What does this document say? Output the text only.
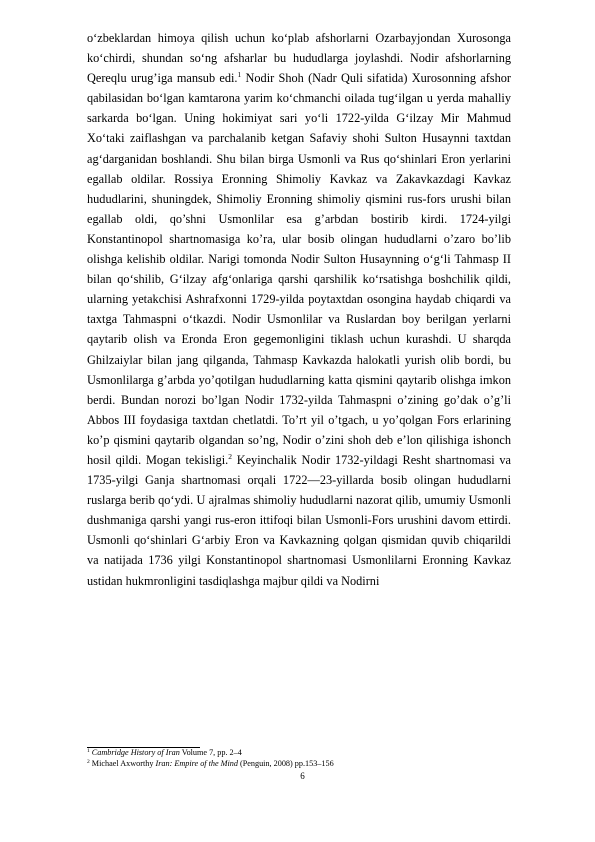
oʻzbeklardan himoya qilish uchun koʻplab afshorlarni Ozarbayjondan Xurosonga koʻchirdi, shundan soʻng afsharlar bu hududlarga joylashdi. Nodir afshorlarning Qereqlu urug’iga mansub edi.$^1$ Nodir Shoh (Nadr Quli sifatida) Xurosonning afshor qabilasidan boʻlgan kamtarona yarim koʻchmanchi oilada tugʻilgan u yerda mahalliy sarkarda boʻlgan. Uning hokimiyat sari yoʻli 1722-yilda Gʻilzay Mir Mahmud Xoʻtaki zaiflashgan va parchalanib ketgan Safaviy shohi Sulton Husaynni taxtdan agʻdarganidan boshlandi. Shu bilan birga Usmonli va Rus qoʻshinlari Eron yerlarini egallab oldilar. Rossiya Eronning Shimoliy Kavkaz va Zakavkazdagi Kavkaz hududlarini, shuningdek, Shimoliy Eronning shimoliy qismini rus-fors urushi bilan egallab oldi, qo’shni Usmonlilar esa g’arbdan bostirib kirdi. 1724-yilgi Konstantinopol shartnomasiga ko’ra, ular bosib olingan hududlarni o’zaro bo’lib olishga kelishib oldilar. Narigi tomonda Nodir Sulton Husaynning oʻgʻli Tahmasp II bilan qoʻshilib, Gʻilzay afgʻonlariga qarshi qarshilik koʻrsatishga boshchilik qildi, ularning yetakchisi Ashrafxonni 1729-yilda poytaxtdan osongina haydab chiqardi va taxtga Tahmaspni oʻtkazdi. Nodir Usmonlilar va Ruslardan boy berilgan yerlarni qaytarib olish va Eronda Eron gegemonligini tiklash uchun kurashdi. U sharqda Ghilzaiylar bilan jang qilganda, Tahmasp Kavkazda halokatli yurish olib bordi, bu Usmonlilarga g’arbda yo’qotilgan hududlarning katta qismini qaytarib olishga imkon berdi. Bundan norozi bo’lgan Nodir 1732-yilda Tahmaspni o’zining go’dak o’g’li Abbos III foydasiga taxtdan chetlatdi. To’rt yil o’tgach, u yo’qolgan Fors erlarining ko’p qismini qaytarib olgandan so’ng, Nodir o’zini shoh deb e’lon qilishiga ishonch hosil qildi. Mogan tekisligi.$^2$ Keyinchalik Nodir 1732-yildagi Resht shartnomasi va 1735-yilgi Ganja shartnomasi orqali 1722—23-yillarda bosib olingan hududlarni ruslarga berib qoʻydi. U ajralmas shimoliy hududlarni nazorat qilib, umumiy Usmonli dushmaniga qarshi yangi rus-eron ittifoqi bilan Usmonli-Fors urushini davom ettirdi. Usmonli qoʻshinlari Gʻarbiy Eron va Kavkazning qolgan qismidan quvib chiqarildi va natijada 1736 yilgi Konstantinopol shartnomasi Usmonlilarni Eronning Kavkaz ustidan hukmronligini tasdiqlashga majbur qildi va Nodirni

$^1$ Cambridge History of Iran Volume 7, pp. 2–4
$^2$ Michael Axworthy Iran: Empire of the Mind (Penguin, 2008) pp.153–156
6
